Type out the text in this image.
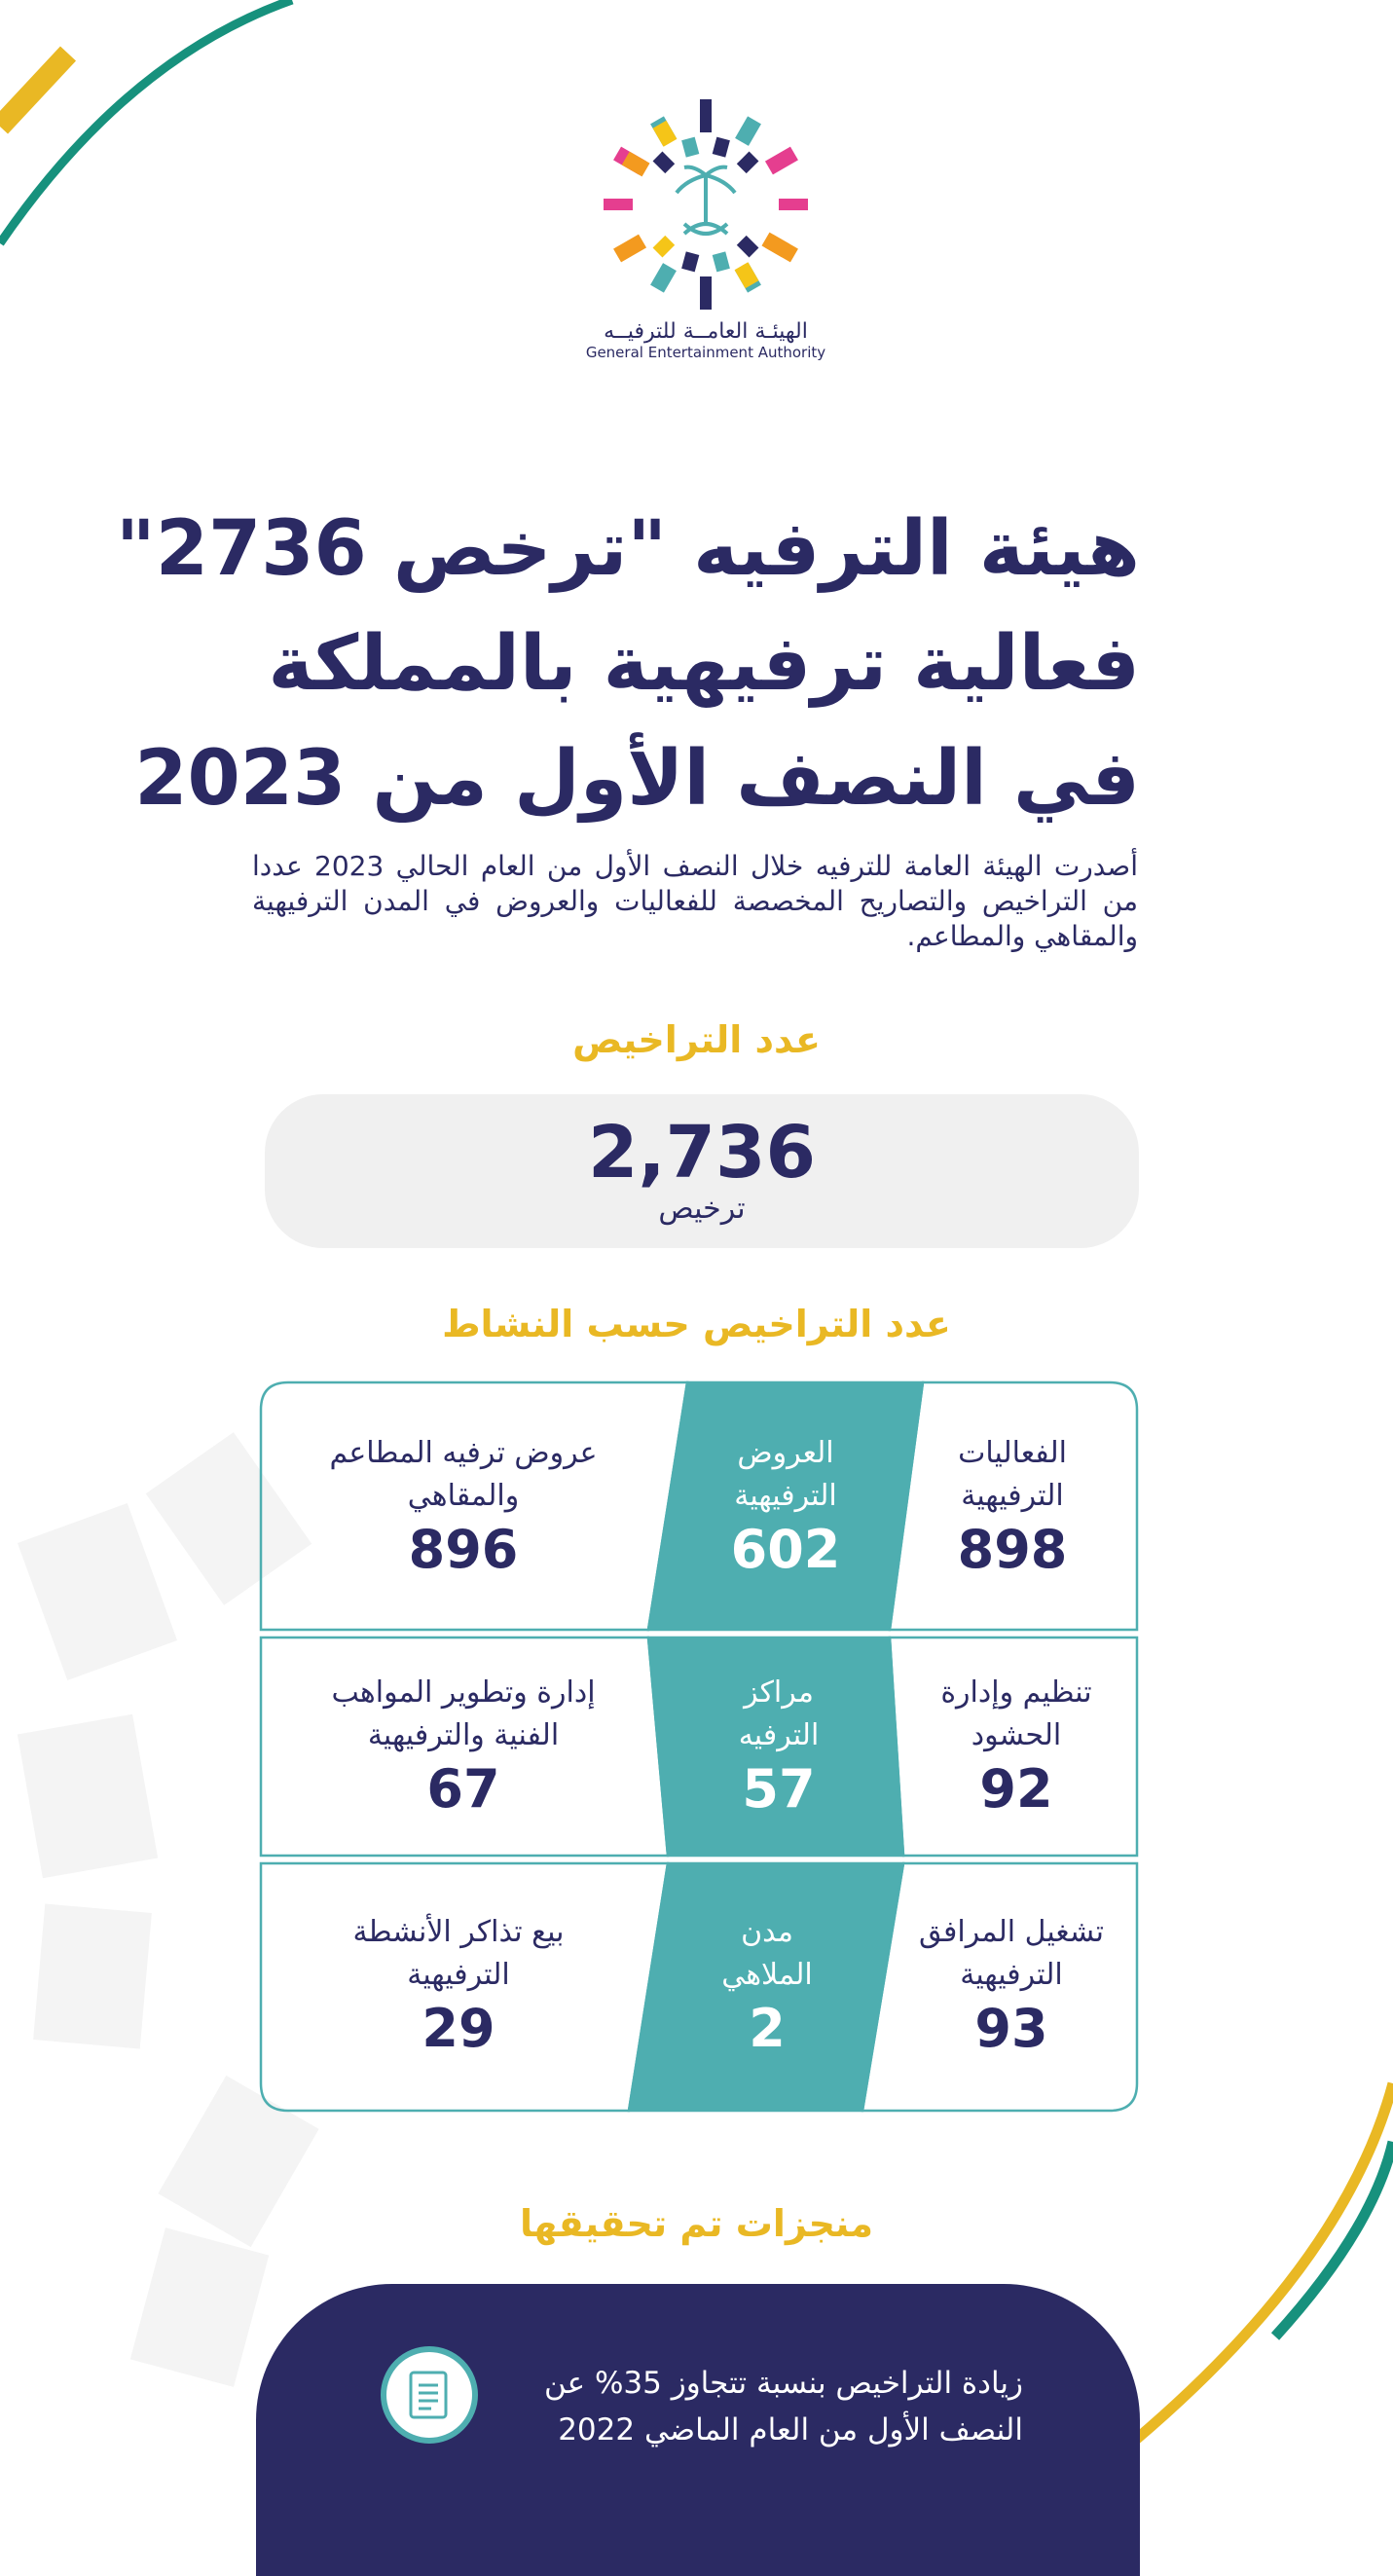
الهيئـة العامــة للترفيــه
General Entertainment Authority
هيئة الترفيه "ترخص 2736"
فعالية ترفيهية بالمملكة
في النصف الأول من 2023
أصدرت الهيئة العامة للترفيه خلال النصف الأول من العام الحالي 2023 عددا من التراخيص والتصاريح المخصصة للفعاليات والعروض في المدن الترفيهية والمقاهي والمطاعم.
عدد التراخيص
2,736
ترخيص
عدد التراخيص حسب النشاط
الفعاليات الترفيهية
898
العروض الترفيهية
602
عروض ترفيه المطاعم والمقاهي
896
تنظيم وإدارة الحشود
92
مراكز الترفيه
57
إدارة وتطوير المواهب الفنية والترفيهية
67
تشغيل المرافق الترفيهية
93
مدن الملاهي
2
بيع تذاكر الأنشطة الترفيهية
29
منجزات تم تحقيقها
زيادة التراخيص بنسبة تتجاوز 35% عن النصف الأول من العام الماضي 2022
